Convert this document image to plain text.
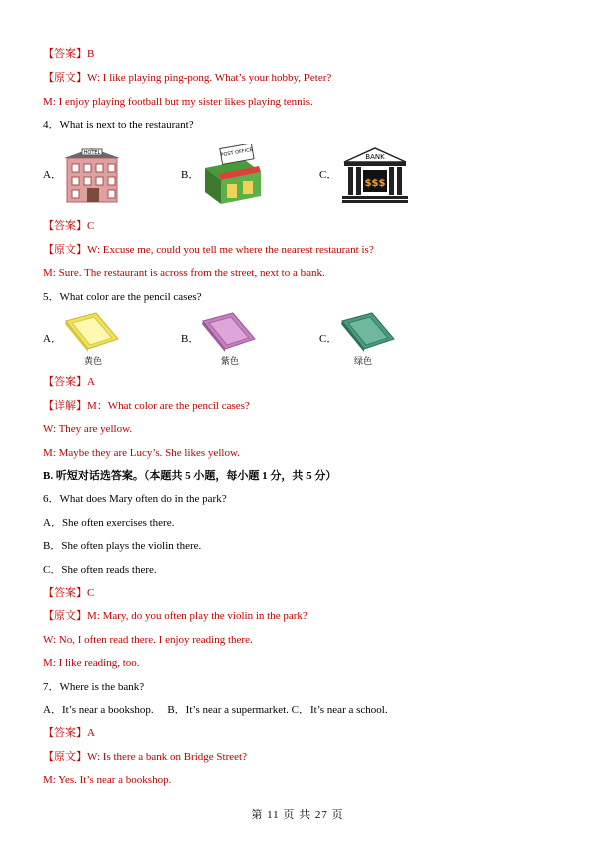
【答案】B
【原文】W: I like playing ping-pong. What’s your hobby, Peter?
M: I enjoy playing football but my sister likes playing tennis.
4．What is next to the restaurant?
A．
HOTEL
B．
POST OFFICE
C．
BANK
$$$
【答案】C
【原文】W: Excuse me, could you tell me where the nearest restaurant is?
M: Sure. The restaurant is across from the street, next to a bank.
5．What color are the pencil cases?
A．
黄色
B．
紫色
C．
绿色
【答案】A
【详解】M：What color are the pencil cases?
W: They are yellow.
M: Maybe they are Lucy’s. She likes yellow.
B. 听短对话选答案。（本题共 5 小题，每小题 1 分，共 5 分）
6．What does Mary often do in the park?
A．She often exercises there.
B．She often plays the violin there.
C．She often reads there.
【答案】C
【原文】M: Mary, do you often play the violin in the park?
W: No, I often read there. I enjoy reading there.
M: I like reading, too.
7．Where is the bank?
A．It’s near a bookshop.　 B．It’s near a supermarket. C．It’s near a school.
【答案】A
【原文】W: Is there a bank on Bridge Street?
M: Yes. It’s near a bookshop.
第 11 页 共 27 页
